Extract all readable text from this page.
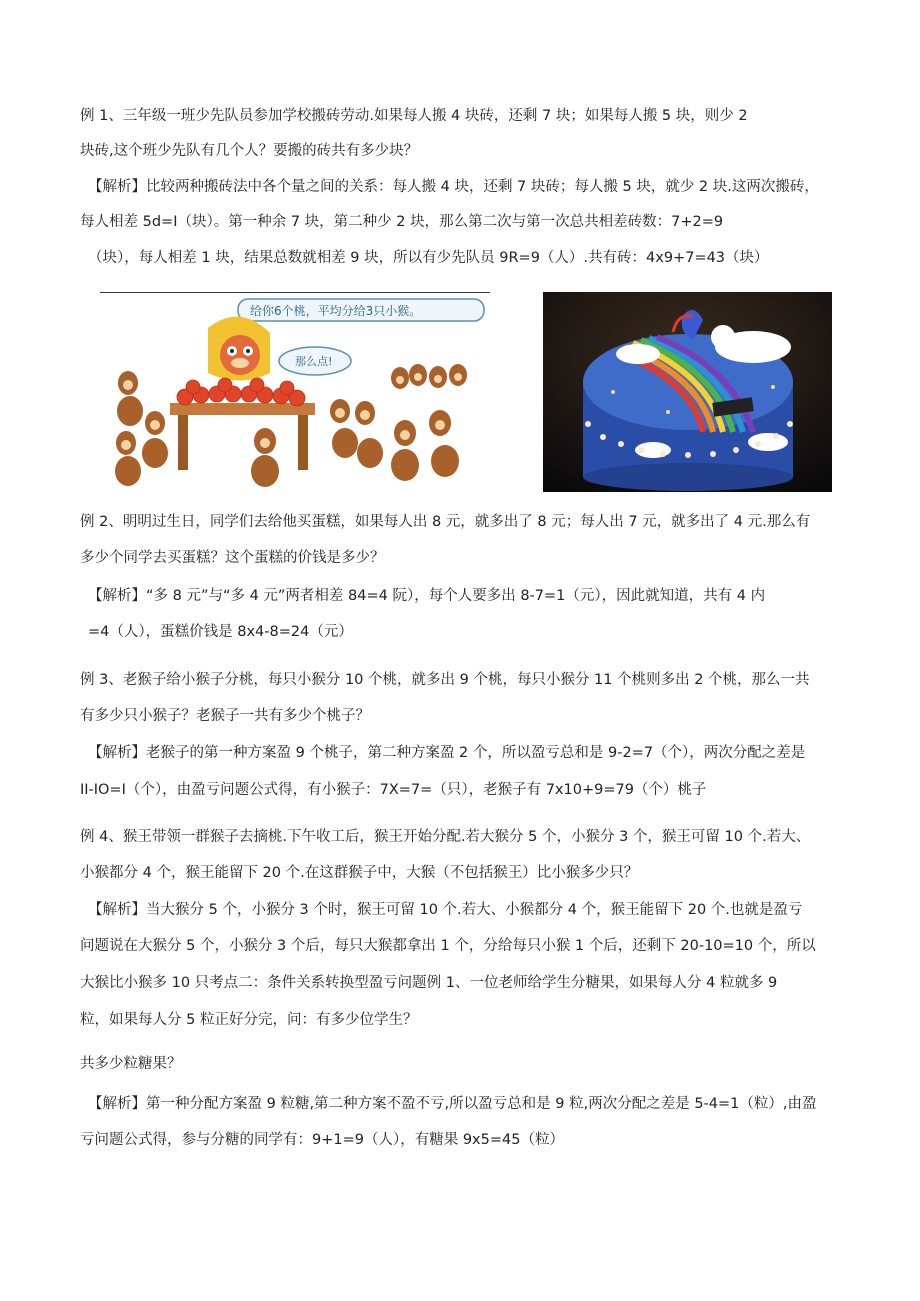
例 1、三年级一班少先队员参加学校搬砖劳动.如果每人搬 4 块砖，还剩 7 块；如果每人搬 5 块，则少 2
块砖,这个班少先队有几个人？要搬的砖共有多少块？
【解析】比较两种搬砖法中各个量之间的关系：每人搬 4 块，还剩 7 块砖；每人搬 5 块，就少 2 块.这两次搬砖，
每人相差 5d=I（块）。第一种余 7 块，第二种少 2 块，那么第二次与第一次总共相差砖数：7+2=9
（块），每人相差 1 块，结果总数就相差 9 块，所以有少先队员 9R=9（人）.共有砖：4x9+7=43（块）
给你6个桃，平均分给3只小猴。
那么点!
例 2、明明过生日，同学们去给他买蛋糕，如果每人出 8 元，就多出了 8 元；每人出 7 元，就多出了 4 元.那么有
多少个同学去买蛋糕？这个蛋糕的价钱是多少？
【解析】“多 8 元”与“多 4 元”两者相差 84=4 阮），每个人要多出 8-7=1（元），因此就知道，共有 4 内
=4（人），蛋糕价钱是 8x4-8=24（元）
例 3、老猴子给小猴子分桃，每只小猴分 10 个桃，就多出 9 个桃，每只小猴分 11 个桃则多出 2 个桃，那么一共
有多少只小猴子？老猴子一共有多少个桃子？
【解析】老猴子的第一种方案盈 9 个桃子，第二种方案盈 2 个，所以盈亏总和是 9-2=7（个），两次分配之差是
II-IO=I（个），由盈亏问题公式得，有小猴子：7X=7=（只），老猴子有 7x10+9=79（个）桃子
例 4、猴王带领一群猴子去摘桃.下午收工后，猴王开始分配.若大猴分 5 个，小猴分 3 个，猴王可留 10 个.若大、
小猴都分 4 个，猴王能留下 20 个.在这群猴子中，大猴（不包括猴王）比小猴多少只？
【解析】当大猴分 5 个，小猴分 3 个时，猴王可留 10 个.若大、小猴都分 4 个，猴王能留下 20 个.也就是盈亏
问题说在大猴分 5 个，小猴分 3 个后，每只大猴都拿出 1 个，分给每只小猴 1 个后，还剩下 20-10=10 个，所以
大猴比小猴多 10 只考点二：条件关系转换型盈亏问题例 1、一位老师给学生分糖果，如果每人分 4 粒就多 9
粒，如果每人分 5 粒正好分完，问：有多少位学生？
共多少粒糖果？
【解析】第一种分配方案盈 9 粒糖,第二种方案不盈不亏,所以盈亏总和是 9 粒,两次分配之差是 5-4=1（粒）,由盈
亏问题公式得，参与分糖的同学有：9+1=9（人），有糖果 9x5=45（粒）
